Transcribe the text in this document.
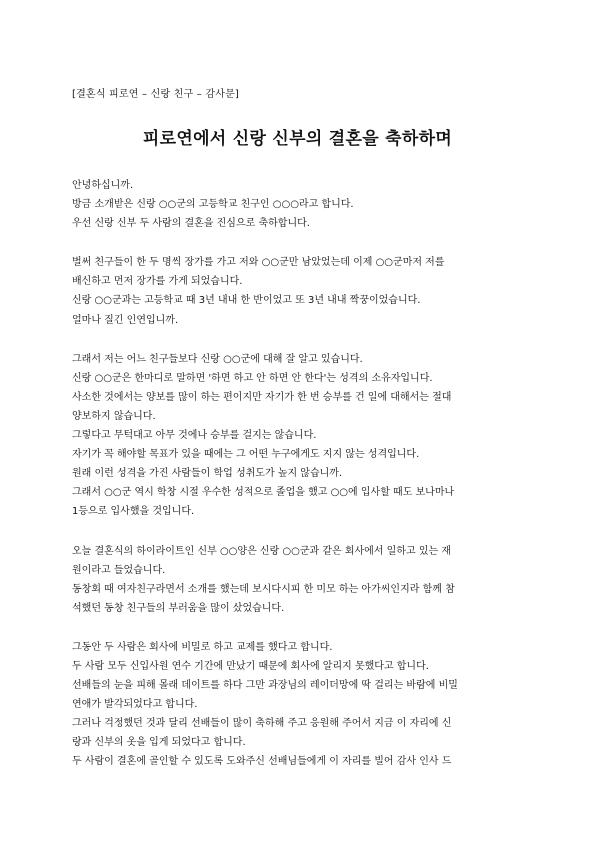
[결혼식 피로연 – 신랑 친구 – 감사문]
피로연에서 신랑 신부의 결혼을 축하하며
안녕하십니까.
방금 소개받은 신랑 ○○군의 고등학교 친구인 ○○○라고 합니다.
우선 신랑 신부 두 사람의 결혼을 진심으로 축하합니다.
벌써 친구들이 한 두 명씩 장가를 가고 저와 ○○군만 남았었는데 이제 ○○군마저 저를
배신하고 먼저 장가를 가게 되었습니다.
신랑 ○○군과는 고등학교 때 3년 내내 한 반이었고 또 3년 내내 짝꿍이었습니다.
얼마나 질긴 인연입니까.
그래서 저는 어느 친구들보다 신랑 ○○군에 대해 잘 알고 있습니다.
신랑 ○○군은 한마디로 말하면 '하면 하고 안 하면 안 한다'는 성격의 소유자입니다.
사소한 것에서는 양보를 많이 하는 편이지만 자기가 한 번 승부를 건 일에 대해서는 절대
양보하지 않습니다.
그렇다고 무턱대고 아무 것에나 승부를 걸지는 않습니다.
자기가 꼭 해야할 목표가 있을 때에는 그 어떤 누구에게도 지지 않는 성격입니다.
원래 이런 성격을 가진 사람들이 학업 성취도가 높지 않습니까.
그래서 ○○군 역시 학창 시절 우수한 성적으로 졸업을 했고 ○○에 입사할 때도 보나마나
1등으로 입사했을 것입니다.
오늘 결혼식의 하이라이트인 신부 ○○양은 신랑 ○○군과 같은 회사에서 일하고 있는 재
원이라고 들었습니다.
동창회 때 여자친구라면서 소개를 했는데 보시다시피 한 미모 하는 아가씨인지라 함께 참
석했던 동창 친구들의 부러움을 많이 샀었습니다.
그동안 두 사람은 회사에 비밀로 하고 교제를 했다고 합니다.
두 사람 모두 신입사원 연수 기간에 만났기 때문에 회사에 알리지 못했다고 합니다.
선배들의 눈을 피해 몰래 데이트를 하다 그만 과장님의 레이더망에 딱 걸리는 바람에 비밀
연애가 발각되었다고 합니다.
그러나 걱정했던 것과 달리 선배들이 많이 축하해 주고 응원해 주어서 지금 이 자리에 신
랑과 신부의 옷을 입게 되었다고 합니다.
두 사람이 결혼에 골인할 수 있도록 도와주신 선배님들에게 이 자리를 빌어 감사 인사 드
